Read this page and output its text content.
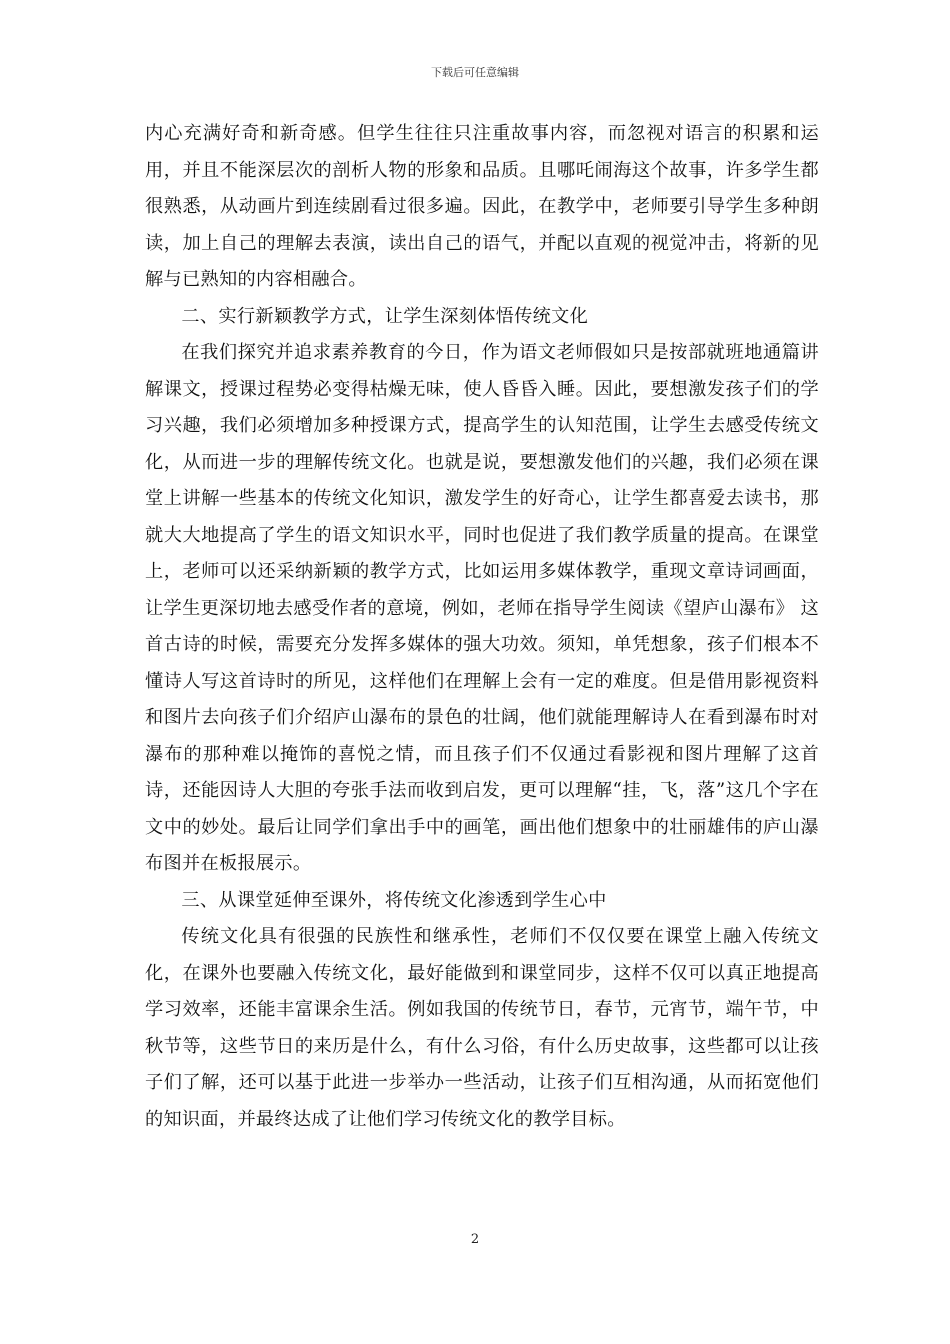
下载后可任意编辑

内心充满好奇和新奇感。但学生往往只注重故事内容，而忽视对语言的积累和运用，并且不能深层次的剖析人物的形象和品质。且哪吒闹海这个故事，许多学生都很熟悉，从动画片到连续剧看过很多遍。因此，在教学中，老师要引导学生多种朗读，加上自己的理解去表演，读出自己的语气，并配以直观的视觉冲击，将新的见解与已熟知的内容相融合。

二、实行新颖教学方式，让学生深刻体悟传统文化

在我们探究并追求素养教育的今日，作为语文老师假如只是按部就班地通篇讲解课文，授课过程势必变得枯燥无味，使人昏昏入睡。因此，要想激发孩子们的学习兴趣，我们必须增加多种授课方式，提高学生的认知范围，让学生去感受传统文化，从而进一步的理解传统文化。也就是说，要想激发他们的兴趣，我们必须在课堂上讲解一些基本的传统文化知识，激发学生的好奇心，让学生都喜爱去读书，那就大大地提高了学生的语文知识水平，同时也促进了我们教学质量的提高。在课堂上，老师可以还采纳新颖的教学方式，比如运用多媒体教学，重现文章诗词画面，让学生更深切地去感受作者的意境，例如，老师在指导学生阅读《望庐山瀑布》 这首古诗的时候，需要充分发挥多媒体的强大功效。须知，单凭想象，孩子们根本不懂诗人写这首诗时的所见，这样他们在理解上会有一定的难度。但是借用影视资料和图片去向孩子们介绍庐山瀑布的景色的壮阔，他们就能理解诗人在看到瀑布时对瀑布的那种难以掩饰的喜悦之情，而且孩子们不仅通过看影视和图片理解了这首诗，还能因诗人大胆的夸张手法而收到启发，更可以理解“挂，飞，落”这几个字在文中的妙处。最后让同学们拿出手中的画笔，画出他们想象中的壮丽雄伟的庐山瀑布图并在板报展示。

三、从课堂延伸至课外，将传统文化渗透到学生心中

传统文化具有很强的民族性和继承性，老师们不仅仅要在课堂上融入传统文化，在课外也要融入传统文化，最好能做到和课堂同步，这样不仅可以真正地提高学习效率，还能丰富课余生活。例如我国的传统节日，春节，元宵节，端午节，中秋节等，这些节日的来历是什么，有什么习俗，有什么历史故事，这些都可以让孩子们了解，还可以基于此进一步举办一些活动，让孩子们互相沟通，从而拓宽他们的知识面，并最终达成了让他们学习传统文化的教学目标。

2
